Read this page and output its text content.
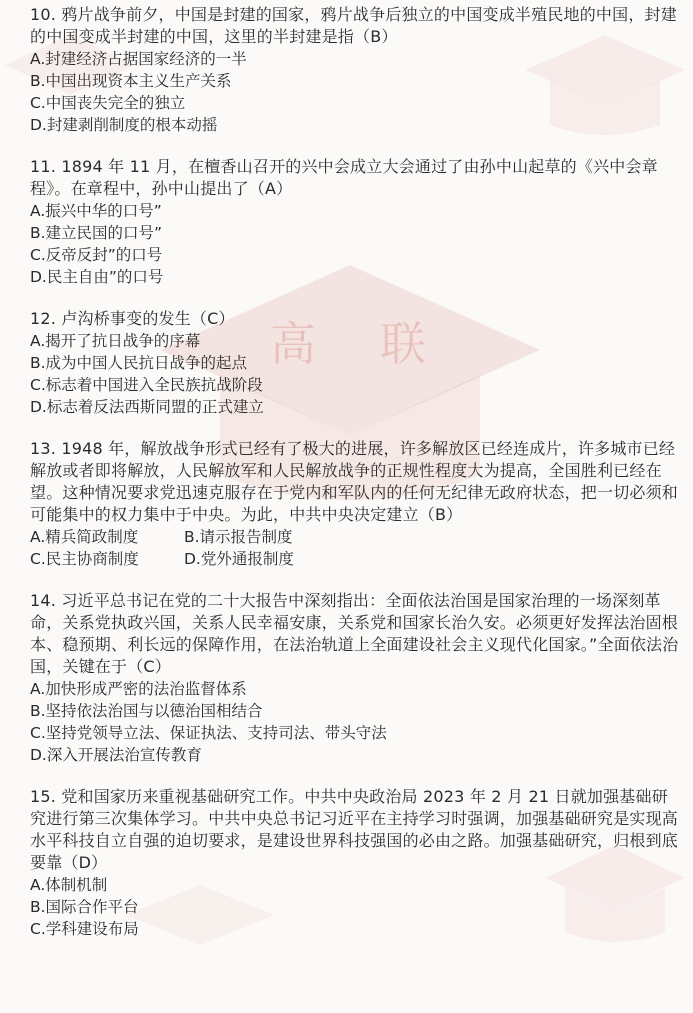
高 联

10. 鸦片战争前夕，中国是封建的国家，鸦片战争后独立的中国变成半殖民地的中国，封建的中国变成半封建的中国，这里的半封建是指（B）

A.封建经济占据国家经济的一半

B.中国出现资本主义生产关系

C.中国丧失完全的独立

D.封建剥削制度的根本动摇

11. 1894 年 11 月，在檀香山召开的兴中会成立大会通过了由孙中山起草的《兴中会章程》。在章程中，孙中山提出了（A）

A.振兴中华的口号”

B.建立民国的口号”

C.反帝反封”的口号

D.民主自由”的口号

12. 卢沟桥事变的发生（C）

A.揭开了抗日战争的序幕

B.成为中国人民抗日战争的起点

C.标志着中国进入全民族抗战阶段

D.标志着反法西斯同盟的正式建立

13. 1948 年，解放战争形式已经有了极大的进展，许多解放区已经连成片，许多城市已经解放或者即将解放，人民解放军和人民解放战争的正规性程度大为提高，全国胜利已经在望。这种情况要求党迅速克服存在于党内和军队内的任何无纪律无政府状态，把一切必须和可能集中的权力集中于中央。为此，中共中央决定建立（B）

A.精兵简政制度	B.请示报告制度

C.民主协商制度	D.党外通报制度

14. 习近平总书记在党的二十大报告中深刻指出：全面依法治国是国家治理的一场深刻革命，关系党执政兴国，关系人民幸福安康，关系党和国家长治久安。必须更好发挥法治固根本、稳预期、利长远的保障作用，在法治轨道上全面建设社会主义现代化国家。”全面依法治国，关键在于（C）

A.加快形成严密的法治监督体系

B.坚持依法治国与以德治国相结合

C.坚持党领导立法、保证执法、支持司法、带头守法

D.深入开展法治宣传教育

15. 党和国家历来重视基础研究工作。中共中央政治局 2023 年 2 月 21 日就加强基础研究进行第三次集体学习。中共中央总书记习近平在主持学习时强调，加强基础研究是实现高水平科技自立自强的迫切要求，是建设世界科技强国的必由之路。加强基础研究，归根到底要靠（D）

A.体制机制

B.国际合作平台

C.学科建设布局
